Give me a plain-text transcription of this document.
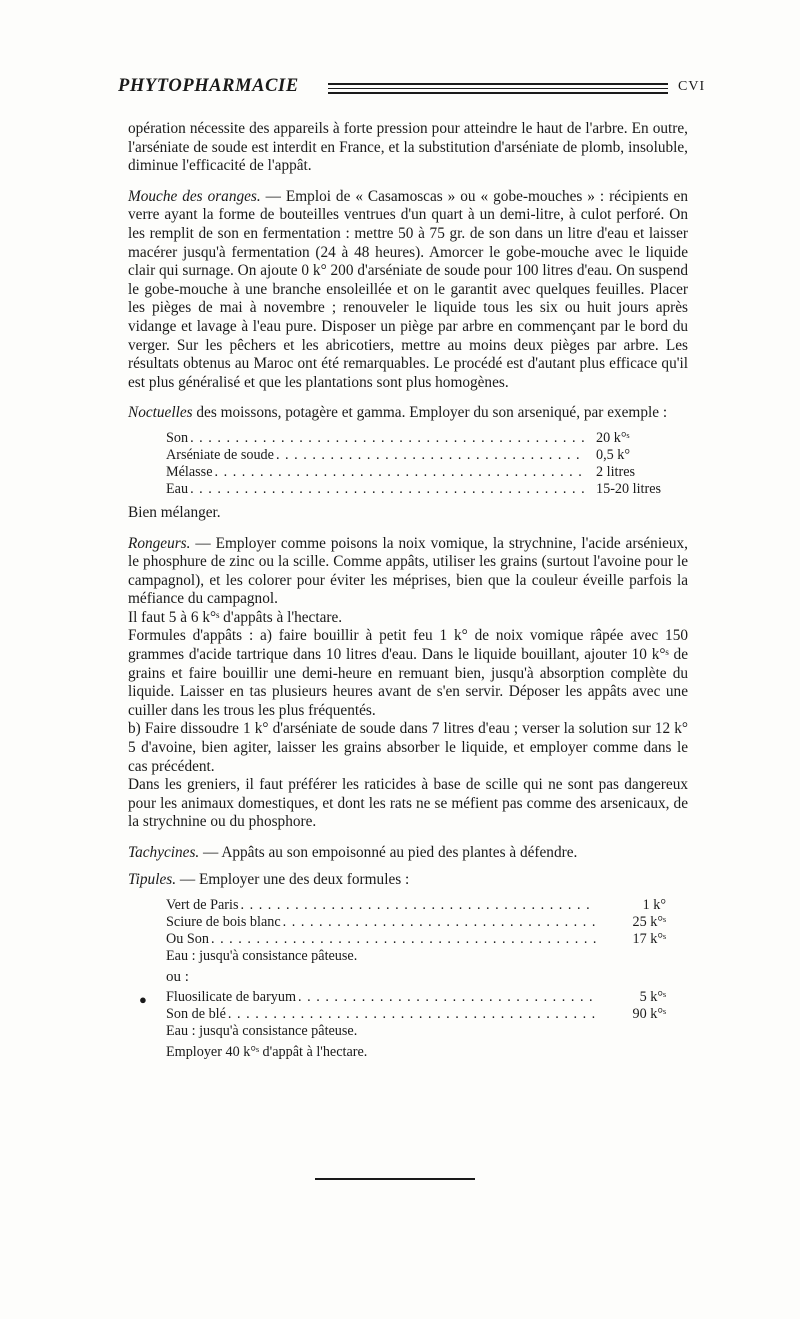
PHYTOPHARMACIE	CVI

opération nécessite des appareils à forte pression pour atteindre le haut de l'arbre. En outre, l'arséniate de soude est interdit en France, et la substitution d'arséniate de plomb, insoluble, diminue l'efficacité de l'appât.

Mouche des oranges. — Emploi de « Casamoscas » ou « gobe-mouches » : récipients en verre ayant la forme de bouteilles ventrues d'un quart à un demi-litre, à culot perforé. On les remplit de son en fermentation : mettre 50 à 75 gr. de son dans un litre d'eau et laisser macérer jusqu'à fermentation (24 à 48 heures). Amorcer le gobe-mouche avec le liquide clair qui surnage. On ajoute 0 k° 200 d'arséniate de soude pour 100 litres d'eau. On suspend le gobe-mouche à une branche ensoleillée et on le garantit avec quelques feuilles. Placer les pièges de mai à novembre ; renouveler le liquide tous les six ou huit jours après vidange et lavage à l'eau pure. Disposer un piège par arbre en commençant par le bord du verger. Sur les pêchers et les abricotiers, mettre au moins deux pièges par arbre. Les résultats obtenus au Maroc ont été remarquables. Le procédé est d'autant plus efficace qu'il est plus généralisé et que les plantations sont plus homogènes.

Noctuelles des moissons, potagère et gamma. Employer du son arseniqué, par exemple :

Son . . .	20 k°ˢ
Arséniate de soude . . .	0,5 k°
Mélasse . . .	2 litres
Eau . . .	15-20 litres

Bien mélanger.

Rongeurs. — Employer comme poisons la noix vomique, la strychnine, l'acide arsénieux, le phosphure de zinc ou la scille. Comme appâts, utiliser les grains (surtout l'avoine pour le campagnol), et les colorer pour éviter les méprises, bien que la couleur éveille parfois la méfiance du campagnol.

Il faut 5 à 6 k°ˢ d'appâts à l'hectare.

Formules d'appâts : a) faire bouillir à petit feu 1 k° de noix vomique râpée avec 150 grammes d'acide tartrique dans 10 litres d'eau. Dans le liquide bouillant, ajouter 10 k°ˢ de grains et faire bouillir une demi-heure en remuant bien, jusqu'à absorption complète du liquide. Laisser en tas plusieurs heures avant de s'en servir. Déposer les appâts avec une cuiller dans les trous les plus fréquentés.

b) Faire dissoudre 1 k° d'arséniate de soude dans 7 litres d'eau ; verser la solution sur 12 k° 5 d'avoine, bien agiter, laisser les grains absorber le liquide, et employer comme dans le cas précédent.

Dans les greniers, il faut préférer les raticides à base de scille qui ne sont pas dangereux pour les animaux domestiques, et dont les rats ne se méfient pas comme des arsenicaux, de la strychnine ou du phosphore.

Tachycines. — Appâts au son empoisonné au pied des plantes à défendre.

Tipules. — Employer une des deux formules :

Vert de Paris . . .	1 k°
Sciure de bois blanc . . .	25 k°ˢ
Ou Son . . .	17 k°ˢ
Eau : jusqu'à consistance pâteuse.
ou :
Fluosilicate de baryum . . .	5 k°ˢ
Son de blé . . .	90 k°ˢ
Eau : jusqu'à consistance pâteuse.
Employer 40 k°ˢ d'appât à l'hectare.
●
